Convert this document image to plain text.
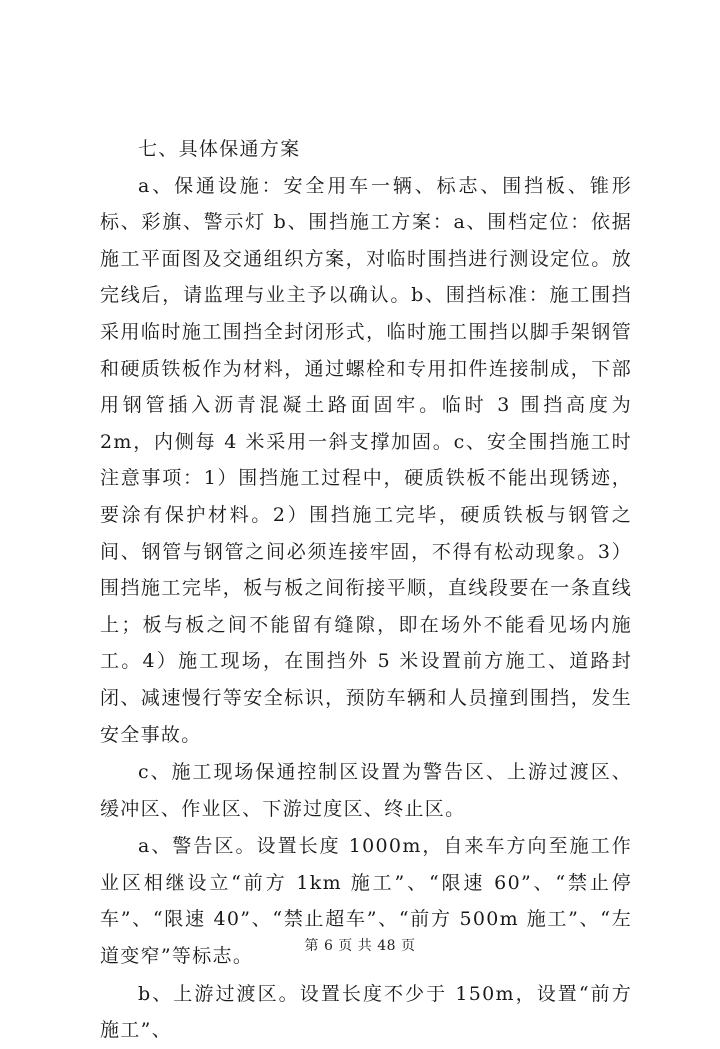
七、具体保通方案

a、保通设施：安全用车一辆、标志、围挡板、锥形标、彩旗、警示灯 b、围挡施工方案：a、围档定位：依据施工平面图及交通组织方案，对临时围挡进行测设定位。放完线后，请监理与业主予以确认。b、围挡标准：施工围挡采用临时施工围挡全封闭形式，临时施工围挡以脚手架钢管和硬质铁板作为材料，通过螺栓和专用扣件连接制成，下部用钢管插入沥青混凝土路面固牢。临时 3 围挡高度为 2m，内侧每 4 米采用一斜支撑加固。c、安全围挡施工时注意事项：1）围挡施工过程中，硬质铁板不能出现锈迹，要涂有保护材料。2）围挡施工完毕，硬质铁板与钢管之间、钢管与钢管之间必须连接牢固，不得有松动现象。3）围挡施工完毕，板与板之间衔接平顺，直线段要在一条直线上；板与板之间不能留有缝隙，即在场外不能看见场内施工。4）施工现场，在围挡外 5 米设置前方施工、道路封闭、减速慢行等安全标识，预防车辆和人员撞到围挡，发生安全事故。

c、施工现场保通控制区设置为警告区、上游过渡区、缓冲区、作业区、下游过度区、终止区。

a、警告区。设置长度 1000m，自来车方向至施工作业区相继设立“前方 1km 施工”、“限速 60”、“禁止停车”、“限速 40”、“禁止超车”、“前方 500m 施工”、“左道变窄”等标志。

b、上游过渡区。设置长度不少于 150m，设置“前方施工”、

第 6 页 共 48 页
